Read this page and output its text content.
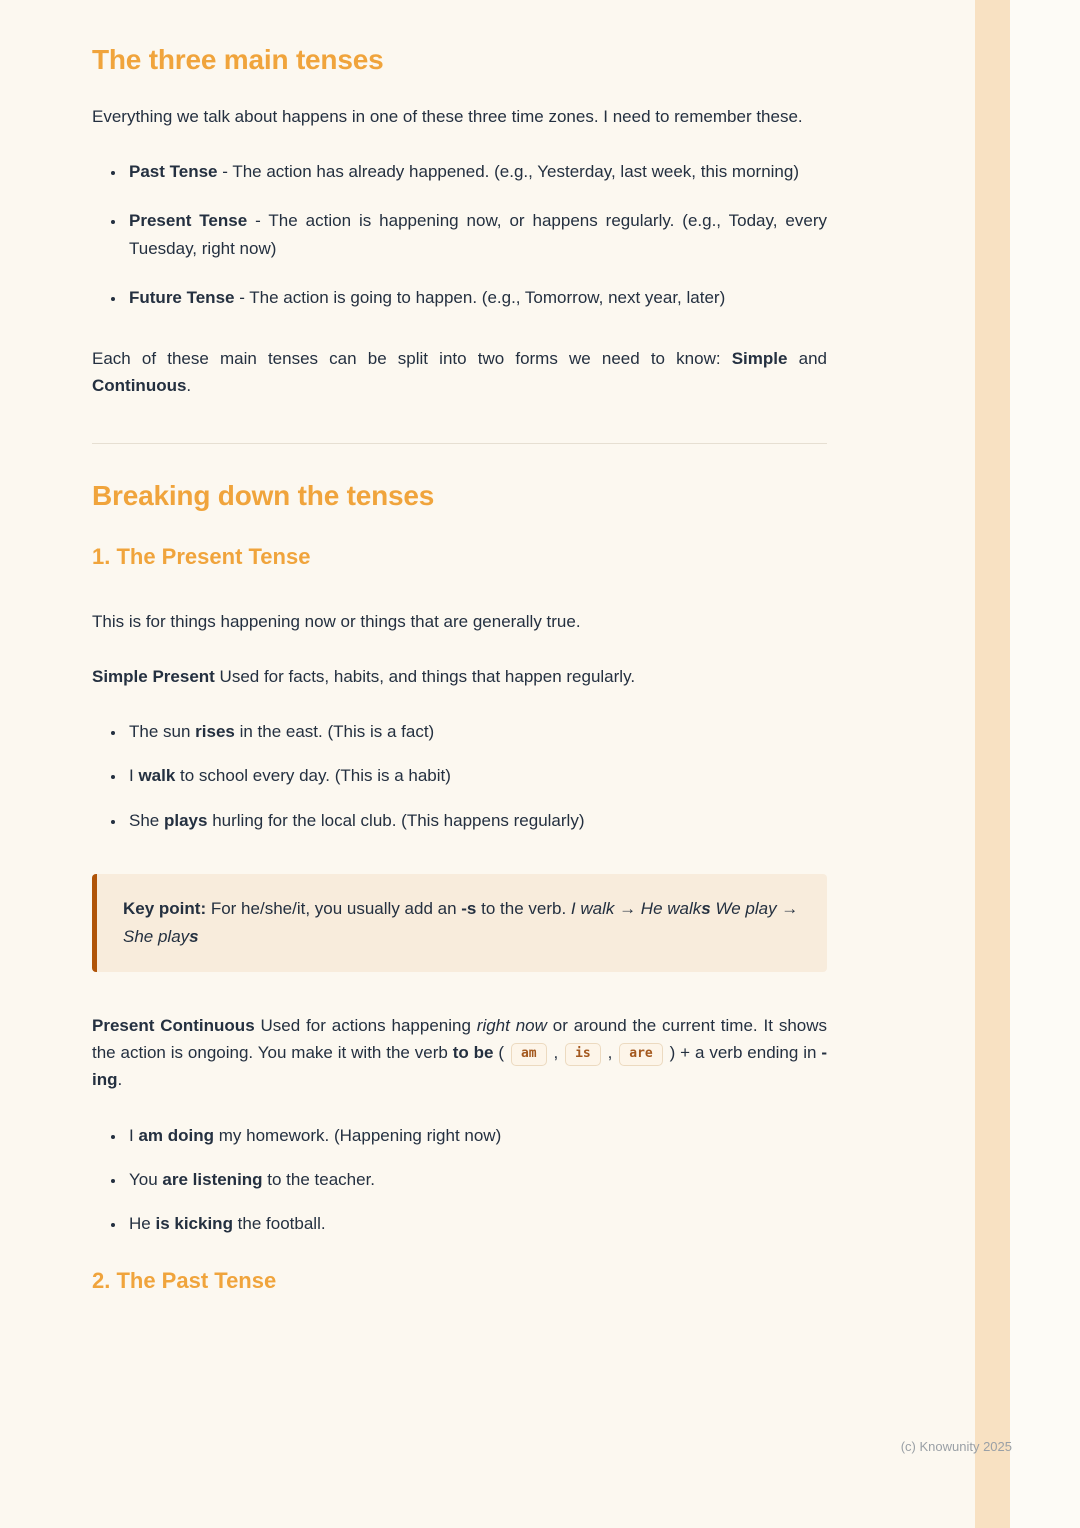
The three main tenses

Everything we talk about happens in one of these three time zones. I need to remember these.

• Past Tense - The action has already happened. (e.g., Yesterday, last week, this morning)
• Present Tense - The action is happening now, or happens regularly. (e.g., Today, every Tuesday, right now)
• Future Tense - The action is going to happen. (e.g., Tomorrow, next year, later)

Each of these main tenses can be split into two forms we need to know: Simple and Continuous.

Breaking down the tenses
1. The Present Tense

This is for things happening now or things that are generally true.

Simple Present Used for facts, habits, and things that happen regularly.

• The sun rises in the east. (This is a fact)
• I walk to school every day. (This is a habit)
• She plays hurling for the local club. (This happens regularly)

Key point: For he/she/it, you usually add an -s to the verb. I walk → He walks We play → She plays

Present Continuous Used for actions happening right now or around the current time. It shows the action is ongoing. You make it with the verb to be ( am , is , are ) + a verb ending in -ing.

• I am doing my homework. (Happening right now)
• You are listening to the teacher.
• He is kicking the football.
2. The Past Tense
(c) Knowunity 2025
